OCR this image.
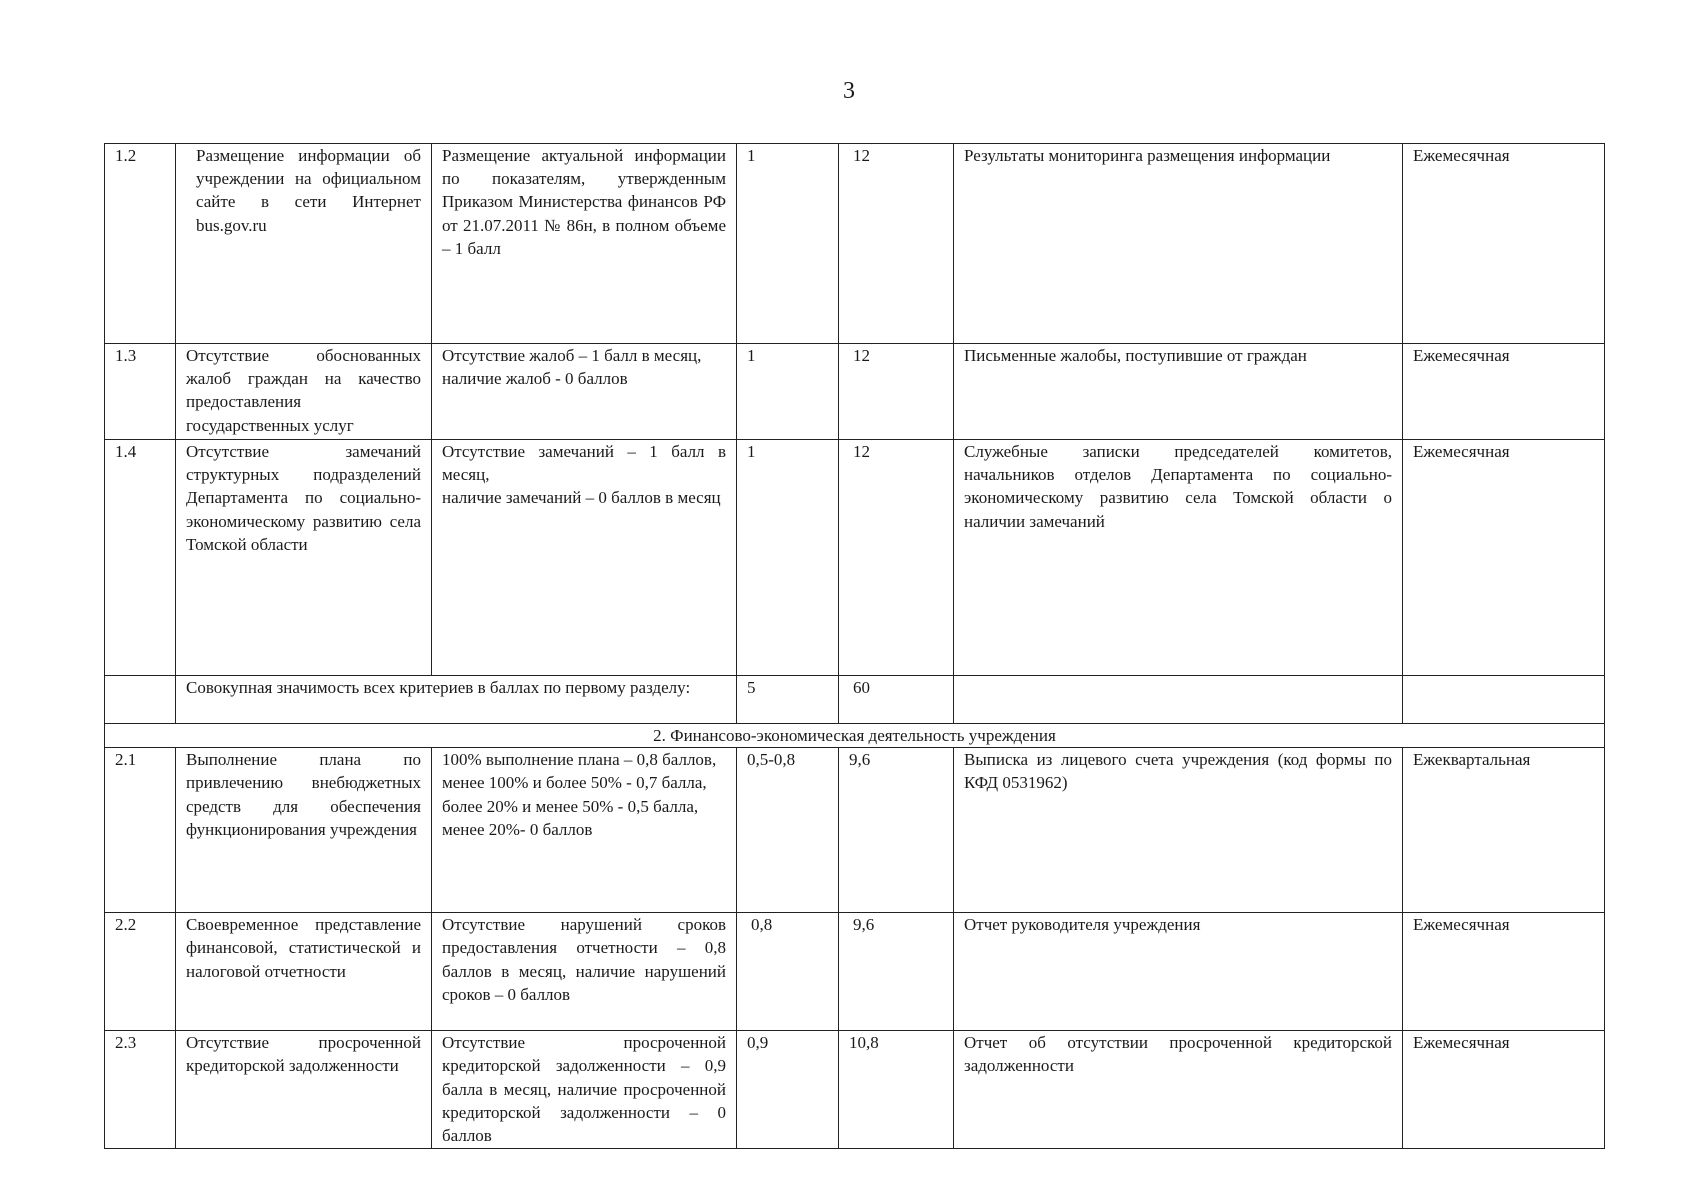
3
1.2	Размещение информации об учреждении на официальном сайте в сети Интернет bus.gov.ru	Размещение актуальной информации по показателям, утвержденным Приказом Министерства финансов РФ от 21.07.2011 № 86н, в полном объеме – 1 балл	1	12	Результаты мониторинга размещения информации	Ежемесячная
1.3	Отсутствие обоснованных жалоб граждан на качество предоставления государственных услуг	Отсутствие жалоб – 1 балл в месяц,
наличие жалоб - 0 баллов	1	12	Письменные жалобы, поступившие от граждан	Ежемесячная
1.4	Отсутствие замечаний структурных подразделений Департамента по социально-экономическому развитию села Томской области	Отсутствие замечаний – 1 балл в месяц,
наличие замечаний – 0 баллов в месяц	1	12	Служебные записки председателей комитетов, начальников отделов Департамента по социально-экономическому развитию села Томской области о наличии замечаний	Ежемесячная
	Совокупная значимость всех критериев в баллах по первому разделу:		5	60		
2. Финансово-экономическая деятельность учреждения						
2.1	Выполнение плана по привлечению внебюджетных средств для обеспечения функционирования учреждения	100% выполнение плана – 0,8 баллов,
менее 100% и более 50% - 0,7 балла,
более 20% и менее 50% - 0,5 балла,
менее 20%- 0 баллов	0,5-0,8	9,6	Выписка из лицевого счета учреждения (код формы по КФД 0531962)	Ежеквартальная
2.2	Своевременное представление финансовой, статистической и налоговой отчетности	Отсутствие нарушений сроков предоставления отчетности – 0,8 баллов в месяц, наличие нарушений сроков – 0 баллов	0,8	9,6	Отчет руководителя учреждения	Ежемесячная
2.3	Отсутствие просроченной кредиторской задолженности	Отсутствие просроченной кредиторской задолженности – 0,9 балла в месяц, наличие просроченной кредиторской задолженности – 0 баллов	0,9	10,8	Отчет об отсутствии просроченной кредиторской задолженности	Ежемесячная
